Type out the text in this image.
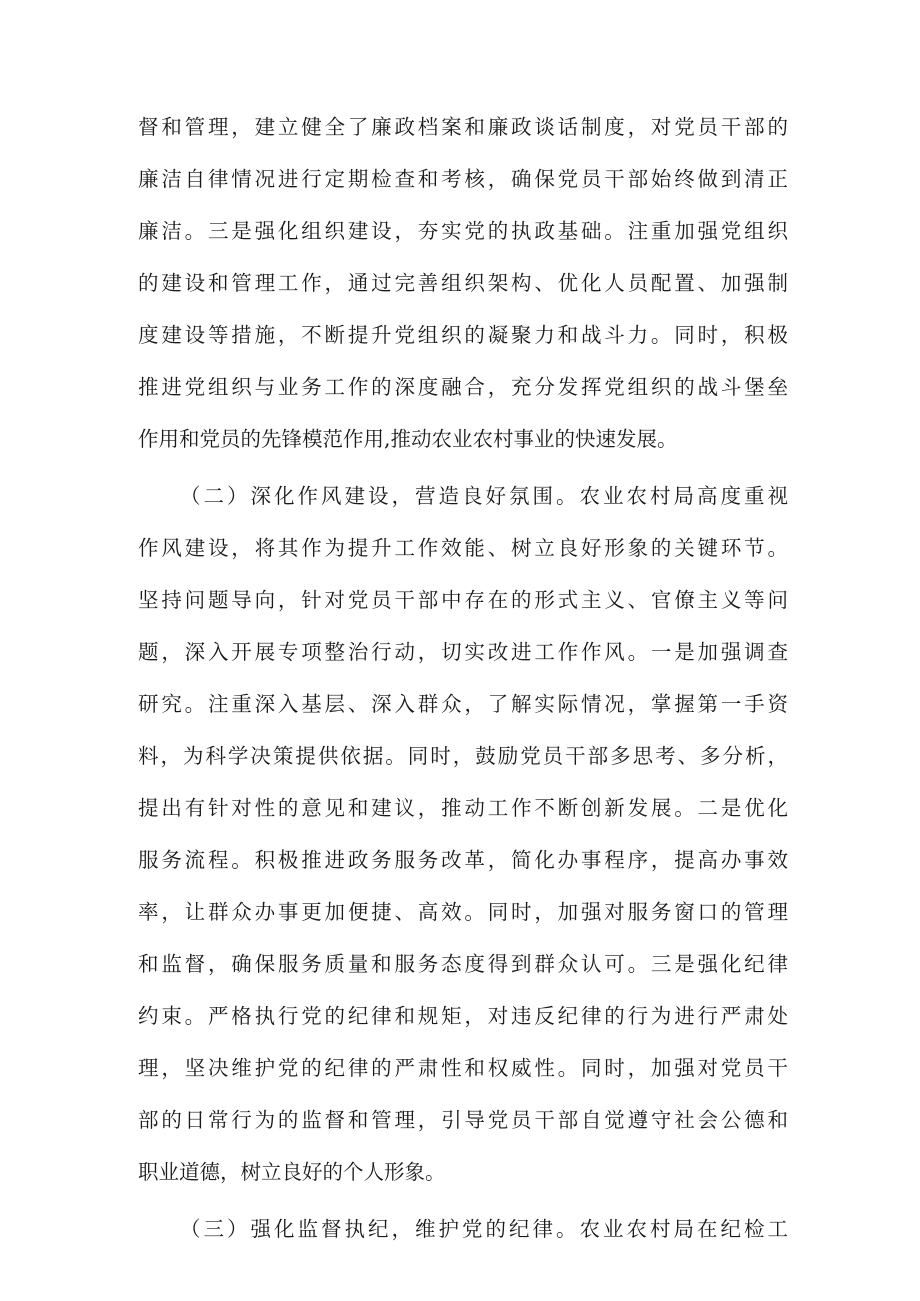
督和管理，建立健全了廉政档案和廉政谈话制度，对党员干部的
廉洁自律情况进行定期检查和考核，确保党员干部始终做到清正
廉洁。三是强化组织建设，夯实党的执政基础。注重加强党组织
的建设和管理工作，通过完善组织架构、优化人员配置、加强制
度建设等措施，不断提升党组织的凝聚力和战斗力。同时，积极
推进党组织与业务工作的深度融合，充分发挥党组织的战斗堡垒
作用和党员的先锋模范作用,推动农业农村事业的快速发展。
（二）深化作风建设，营造良好氛围。农业农村局高度重视
作风建设，将其作为提升工作效能、树立良好形象的关键环节。
坚持问题导向，针对党员干部中存在的形式主义、官僚主义等问
题，深入开展专项整治行动，切实改进工作作风。一是加强调查
研究。注重深入基层、深入群众，了解实际情况，掌握第一手资
料，为科学决策提供依据。同时，鼓励党员干部多思考、多分析，
提出有针对性的意见和建议，推动工作不断创新发展。二是优化
服务流程。积极推进政务服务改革，简化办事程序，提高办事效
率，让群众办事更加便捷、高效。同时，加强对服务窗口的管理
和监督，确保服务质量和服务态度得到群众认可。三是强化纪律
约束。严格执行党的纪律和规矩，对违反纪律的行为进行严肃处
理，坚决维护党的纪律的严肃性和权威性。同时，加强对党员干
部的日常行为的监督和管理，引导党员干部自觉遵守社会公德和
职业道德，树立良好的个人形象。
（三）强化监督执纪，维护党的纪律。农业农村局在纪检工
